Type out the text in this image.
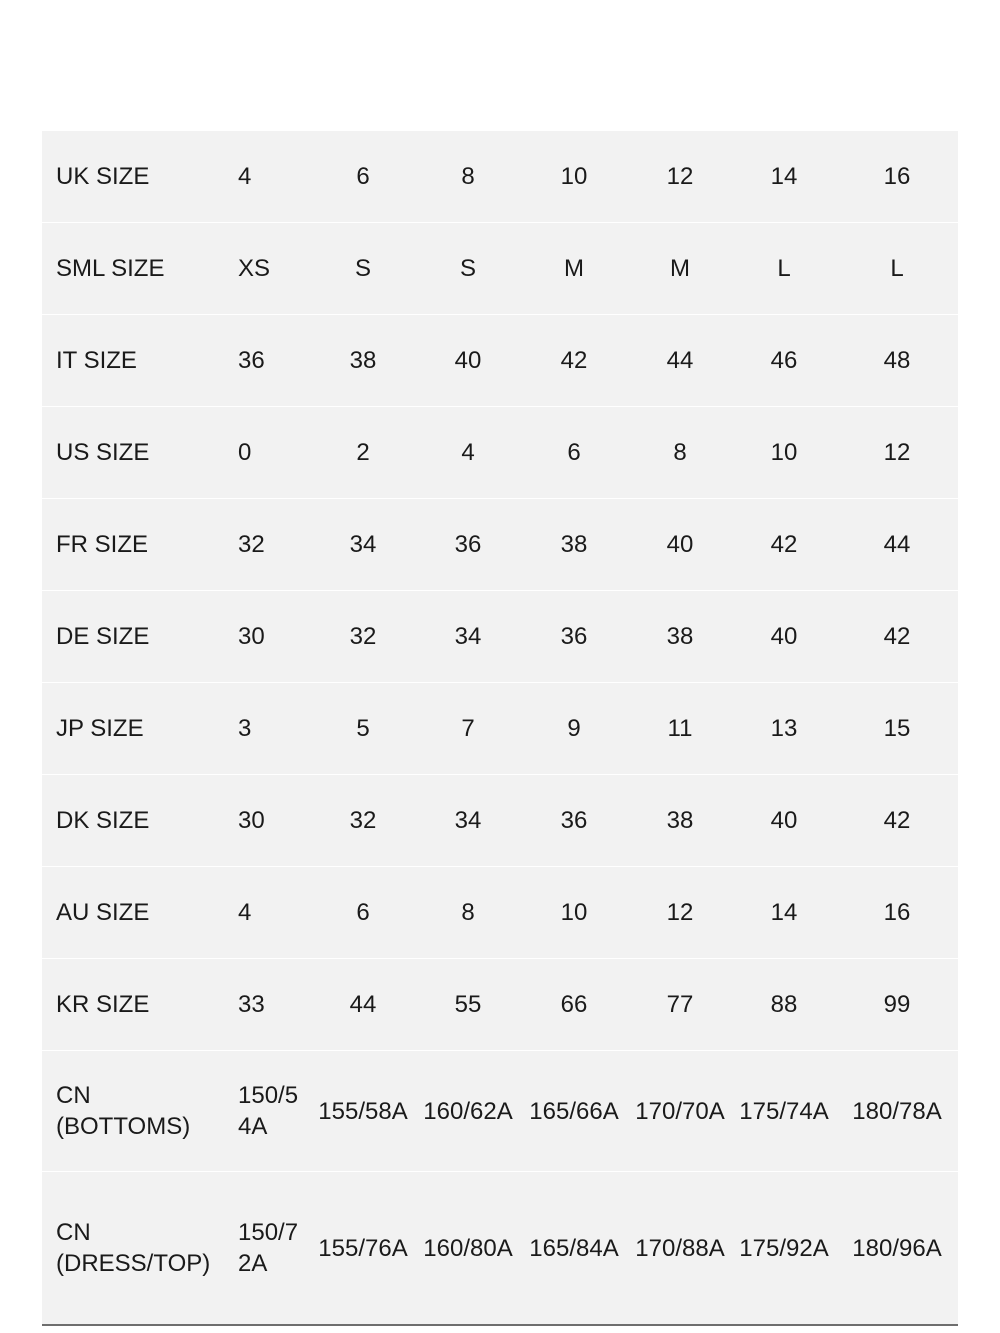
UK SIZE	4	6	8	10	12	14	16
SML SIZE	XS	S	S	M	M	L	L
IT SIZE	36	38	40	42	44	46	48
US SIZE	0	2	4	6	8	10	12
FR SIZE	32	34	36	38	40	42	44
DE SIZE	30	32	34	36	38	40	42
JP SIZE	3	5	7	9	11	13	15
DK SIZE	30	32	34	36	38	40	42
AU SIZE	4	6	8	10	12	14	16
KR SIZE	33	44	55	66	77	88	99
CN (BOTTOMS)	150/54A	155/58A	160/62A	165/66A	170/70A	175/74A	180/78A
CN (DRESS/TOP)	150/72A	155/76A	160/80A	165/84A	170/88A	175/92A	180/96A
